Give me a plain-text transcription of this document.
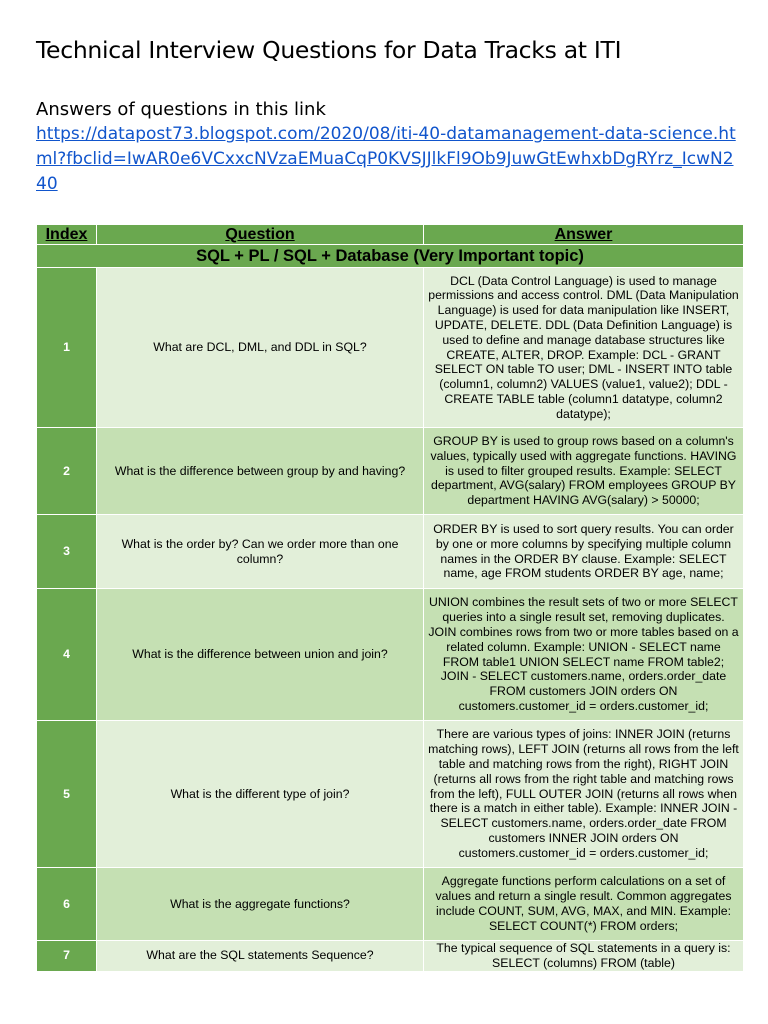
Technical Interview Questions for Data Tracks at ITI
Answers of questions in this link
https://datapost73.blogspot.com/2020/08/iti-40-datamanagement-data-science.html?fbclid=IwAR0e6VCxxcNVzaEMuaCqP0KVSJJlkFl9Ob9JuwGtEwhxbDgRYrz_IcwN240
Index	Question	Answer
SQL + PL / SQL + Database (Very Important topic)		
1	What are DCL, DML, and DDL in SQL?	DCL (Data Control Language) is used to manage permissions and access control. DML (Data Manipulation Language) is used for data manipulation like INSERT, UPDATE, DELETE. DDL (Data Definition Language) is used to define and manage database structures like CREATE, ALTER, DROP. Example: DCL - GRANT SELECT ON table TO user; DML - INSERT INTO table (column1, column2) VALUES (value1, value2); DDL - CREATE TABLE table (column1 datatype, column2 datatype);
2	What is the difference between group by and having?	GROUP BY is used to group rows based on a column's values, typically used with aggregate functions. HAVING is used to filter grouped results. Example: SELECT department, AVG(salary) FROM employees GROUP BY department HAVING AVG(salary) > 50000;
3	What is the order by? Can we order more than one column?	ORDER BY is used to sort query results. You can order by one or more columns by specifying multiple column names in the ORDER BY clause. Example: SELECT name, age FROM students ORDER BY age, name;
4	What is the difference between union and join?	UNION combines the result sets of two or more SELECT queries into a single result set, removing duplicates. JOIN combines rows from two or more tables based on a related column. Example: UNION - SELECT name FROM table1 UNION SELECT name FROM table2; JOIN - SELECT customers.name, orders.order_date FROM customers JOIN orders ON customers.customer_id = orders.customer_id;
5	What is the different type of join?	There are various types of joins: INNER JOIN (returns matching rows), LEFT JOIN (returns all rows from the left table and matching rows from the right), RIGHT JOIN (returns all rows from the right table and matching rows from the left), FULL OUTER JOIN (returns all rows when there is a match in either table). Example: INNER JOIN - SELECT customers.name, orders.order_date FROM customers INNER JOIN orders ON customers.customer_id = orders.customer_id;
6	What is the aggregate functions?	Aggregate functions perform calculations on a set of values and return a single result. Common aggregates include COUNT, SUM, AVG, MAX, and MIN. Example: SELECT COUNT(*) FROM orders;
7	What are the SQL statements Sequence?	The typical sequence of SQL statements in a query is: SELECT (columns) FROM (table)
